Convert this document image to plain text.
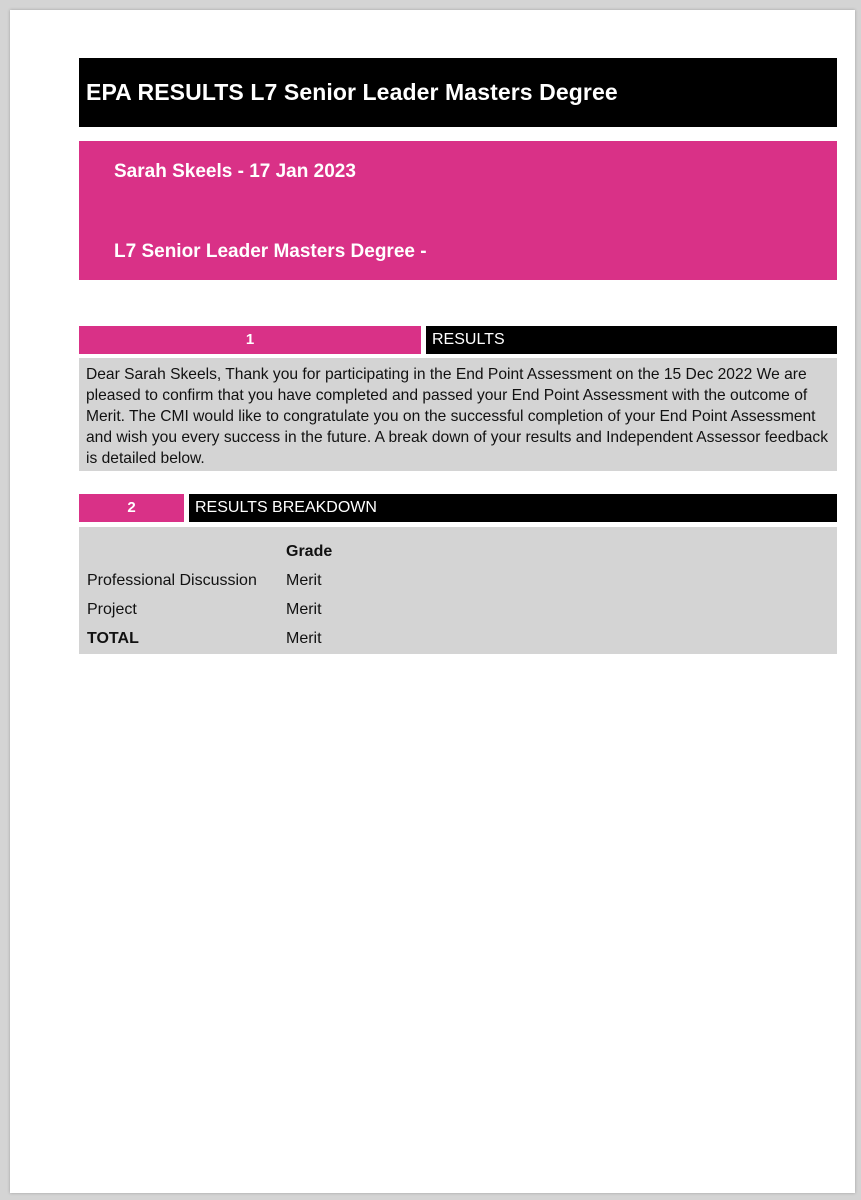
EPA RESULTS L7 Senior Leader Masters Degree
Sarah Skeels - 17 Jan 2023
L7 Senior Leader Masters Degree -
1	RESULTS
Dear Sarah Skeels, Thank you for participating in the End Point Assessment on the 15 Dec 2022 We are pleased to confirm that you have completed and passed your End Point Assessment with the outcome of Merit. The CMI would like to congratulate you on the successful completion of your End Point Assessment and wish you every success in the future. A break down of your results and Independent Assessor feedback is detailed below.
2	RESULTS BREAKDOWN
	Grade
Professional Discussion	Merit
Project	Merit
TOTAL	Merit
